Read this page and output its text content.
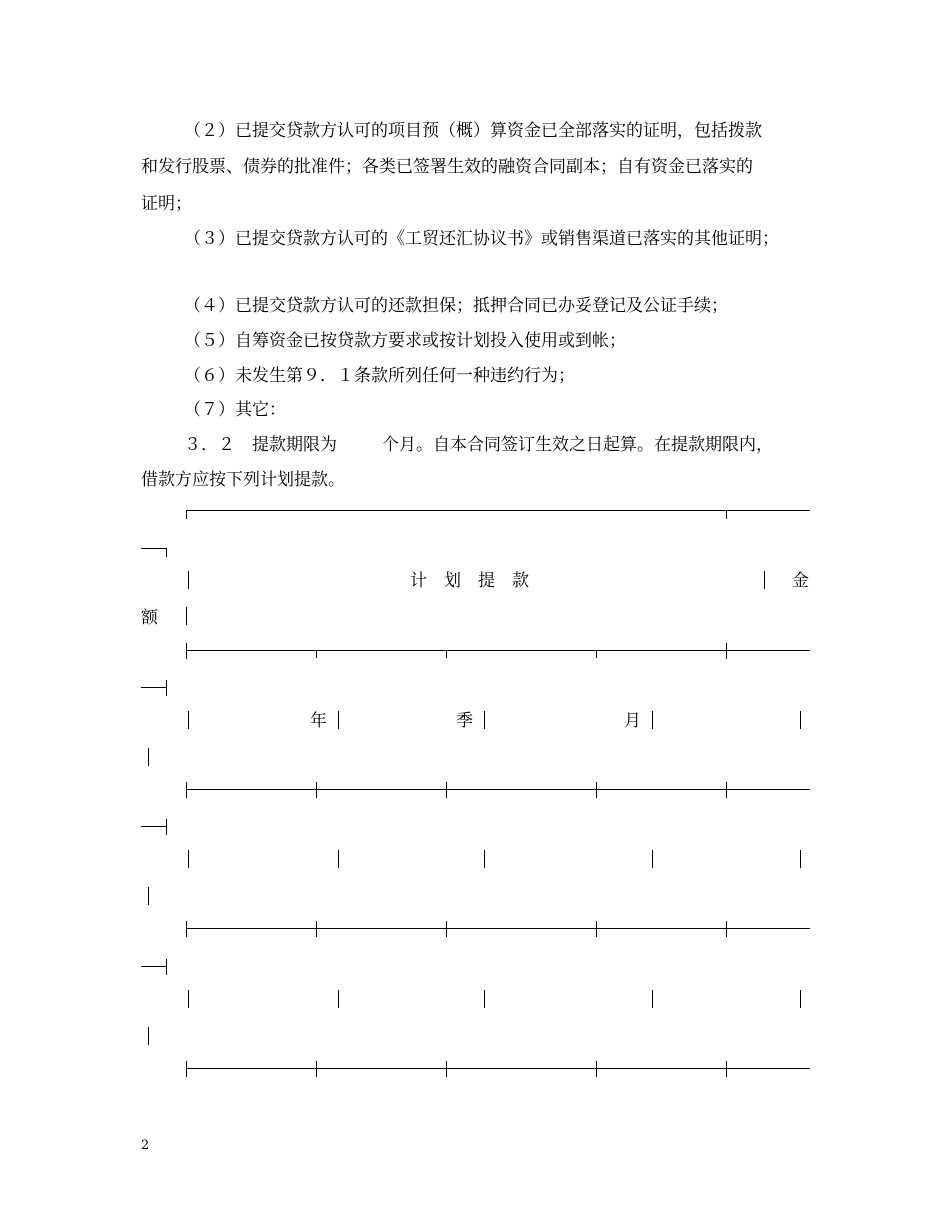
（２）已提交贷款方认可的项目预（概）算资金已全部落实的证明，包括拨款
和发行股票、债券的批准件；各类已签署生效的融资合同副本；自有资金已落实的
证明；
（３）已提交贷款方认可的《工贸还汇协议书》或销售渠道已落实的其他证明；
（４）已提交贷款方认可的还款担保；抵押合同已办妥登记及公证手续；
（５）自筹资金已按贷款方要求或按计划投入使用或到帐；
（６）未发生第９．１条款所列任何一种违约行为；
（７）其它：
３．２　提款期限为	个月。自本合同签订生效之日起算。在提款期限内，
借款方应按下列计划提款。
计　划　提　款	金
额
年	季	月
2
